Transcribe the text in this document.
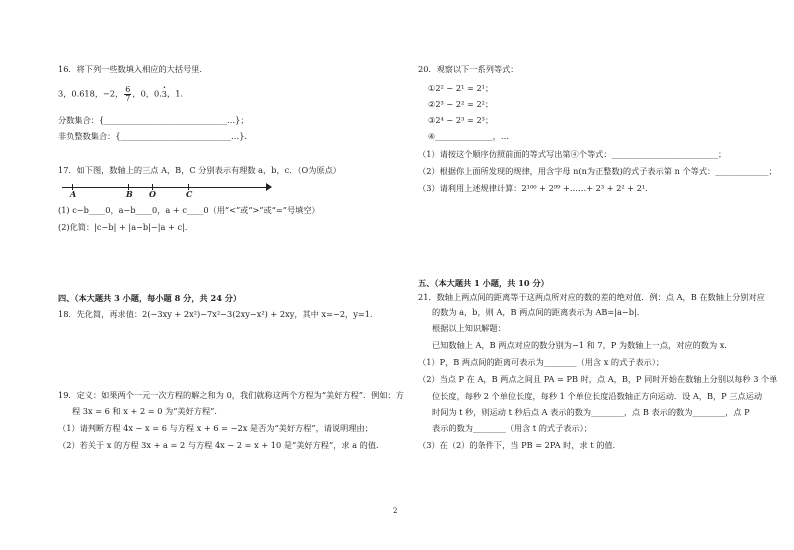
16．将下列一些数填入相应的大括号里．
3，0.618，−2， $\frac{6}{7}$ ，0，0.3 ·，1．
分数集合：{______________________________…}；
非负整数集合：{___________________________…}．
17．如下图，数轴上的三点 A，B，C 分别表示有理数 a，b，c．（O为原点）
A	B O	C
(1) c−b____0，a−b____0，a + c____0（用“<”或“>”或“=”号填空）
(2)化简：|c−b| + |a−b|−|a + c|．
四、（本大题共 3 小题，每小题 8 分，共 24 分）
18．先化简，再求值：2(−3xy + 2x²)−7x²−3(2xy−x²) + 2xy，其中 x=−2，y=1．
19．定义：如果两个一元一次方程的解之和为 0，我们就称这两个方程为“美好方程”．例如：方
程 3x = 6 和 x + 2 = 0 为“美好方程”．
（1）请判断方程 4x − x = 6 与方程 x + 6 = −2x 是否为“美好方程”，请说明理由；
（2）若关于 x 的方程 3x + a = 2 与方程 4x − 2 = x + 10 是“美好方程”，求 a 的值．
20．观察以下一系列等式：
①2² − 2¹ = 2¹；
②2³ − 2² = 2²；
③2⁴ − 2³ = 2³；
④______________，…
（1）请按这个顺序仿照前面的等式写出第④个等式：__________________________；
（2）根据你上面所发现的规律，用含字母 n(n为正整数)的式子表示第 n 个等式：_____________；
（3）请利用上述规律计算：2¹⁰⁰ + 2⁹⁹ +……+ 2³ + 2² + 2¹．
五、（本大题共 1 小题，共 10 分）
21．数轴上两点间的距离等于这两点所对应的数的差的绝对值．例：点 A，B 在数轴上分别对应
的数为 a，b，则 A，B 两点间的距离表示为 AB=|a−b|．
根据以上知识解题：
已知数轴上 A，B 两点对应的数分别为−1 和 7，P 为数轴上一点，对应的数为 x．
（1）P，B 两点间的距离可表示为________（用含 x 的式子表示）；
（2）当点 P 在 A，B 两点之间且 PA = PB 时，点 A，B，P 同时开始在数轴上分别以每秒 3 个单
位长度，每秒 2 个单位长度，每秒 1 个单位长度沿数轴正方向运动．设 A，B，P 三点运动
时间为 t 秒，则运动 t 秒后点 A 表示的数为________，点 B 表示的数为________，点 P
表示的数为________（用含 t 的式子表示）；
（3）在（2）的条件下，当 PB = 2PA 时，求 t 的值．
2
